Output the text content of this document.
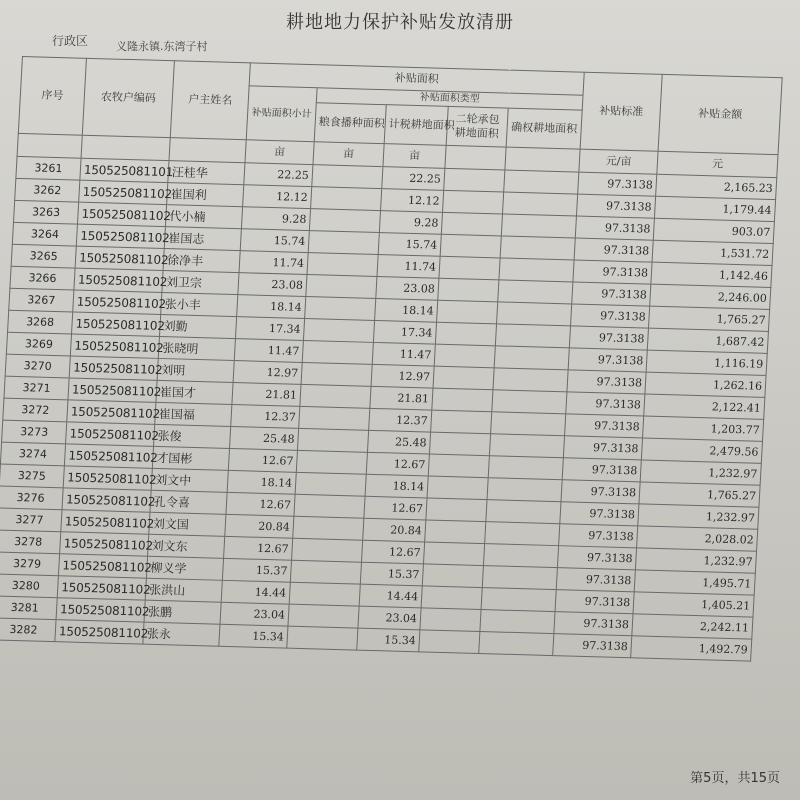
耕地地力保护补贴发放清册
行政区	义隆永镇.东湾子村
序号	农牧户编码	户主姓名	补贴面积					补贴标准	补贴金额
			补贴面积小计	补贴面积类型					
				粮食播种面积	计税耕地面积	二轮承包耕地面积	确权耕地面积		
			亩	亩	亩			元/亩	元
3261	150525081101	汪桂华	22.25		22.25			97.3138	2,165.23
3262	150525081102	崔国利	12.12		12.12			97.3138	1,179.44
3263	150525081102	代小楠	9.28		9.28			97.3138	903.07
3264	150525081102	崔国志	15.74		15.74			97.3138	1,531.72
3265	150525081102	徐净丰	11.74		11.74			97.3138	1,142.46
3266	150525081102	刘卫宗	23.08		23.08			97.3138	2,246.00
3267	150525081102	张小丰	18.14		18.14			97.3138	1,765.27
3268	150525081102	刘勤	17.34		17.34			97.3138	1,687.42
3269	150525081102	张晓明	11.47		11.47			97.3138	1,116.19
3270	150525081102	刘明	12.97		12.97			97.3138	1,262.16
3271	150525081102	崔国才	21.81		21.81			97.3138	2,122.41
3272	150525081102	崔国福	12.37		12.37			97.3138	1,203.77
3273	150525081102	张俊	25.48		25.48			97.3138	2,479.56
3274	150525081102	才国彬	12.67		12.67			97.3138	1,232.97
3275	150525081102	刘文中	18.14		18.14			97.3138	1,765.27
3276	150525081102	孔令喜	12.67		12.67			97.3138	1,232.97
3277	150525081102	刘文国	20.84		20.84			97.3138	2,028.02
3278	150525081102	刘文东	12.67		12.67			97.3138	1,232.97
3279	150525081102	柳义学	15.37		15.37			97.3138	1,495.71
3280	150525081102	张洪山	14.44		14.44			97.3138	1,405.21
3281	150525081102	张鹏	23.04		23.04			97.3138	2,242.11
3282	150525081102	张永	15.34		15.34			97.3138	1,492.79
第5页，共15页
